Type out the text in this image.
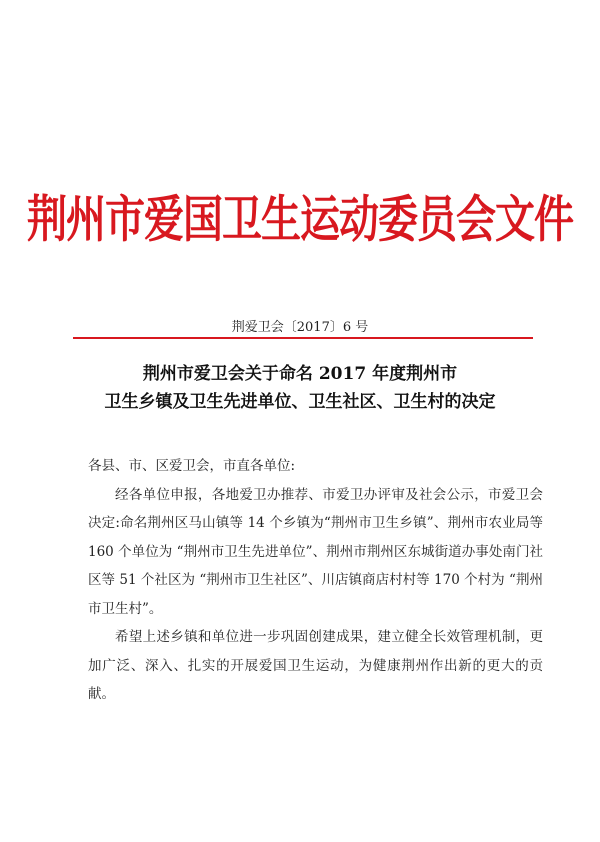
荆州市爱国卫生运动委员会文件
荆爱卫会〔2017〕6 号
荆州市爱卫会关于命名 2017 年度荆州市
卫生乡镇及卫生先进单位、卫生社区、卫生村的决定

各县、市、区爱卫会，市直各单位:

经各单位申报，各地爱卫办推荐、市爱卫办评审及社会公示，市爱卫会决定:命名荆州区马山镇等 14 个乡镇为“荆州市卫生乡镇”、荆州市农业局等 160 个单位为 “荆州市卫生先进单位”、荆州市荆州区东城街道办事处南门社区等 51 个社区为 “荆州市卫生社区”、川店镇商店村村等 170 个村为 “荆州市卫生村”。

希望上述乡镇和单位进一步巩固创建成果，建立健全长效管理机制，更加广泛、深入、扎实的开展爱国卫生运动，为健康荆州作出新的更大的贡献。
